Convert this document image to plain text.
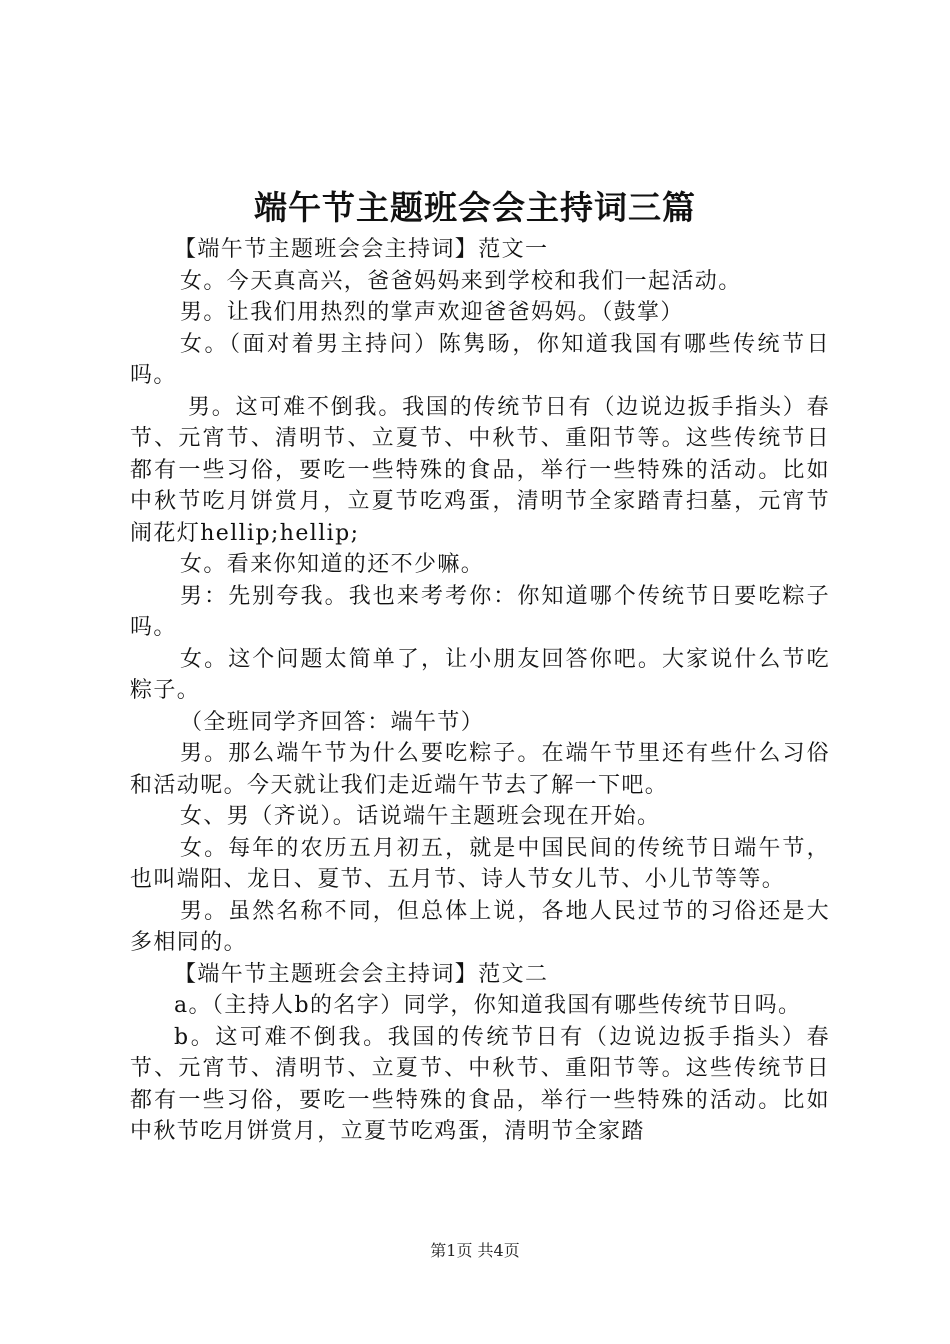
端午节主题班会会主持词三篇

【端午节主题班会会主持词】范文一

女。今天真高兴，爸爸妈妈来到学校和我们一起活动。

男。让我们用热烈的掌声欢迎爸爸妈妈。（鼓掌）

女。（面对着男主持问）陈隽旸，你知道我国有哪些传统节日吗。

男。这可难不倒我。我国的传统节日有（边说边扳手指头）春节、元宵节、清明节、立夏节、中秋节、重阳节等。这些传统节日都有一些习俗，要吃一些特殊的食品，举行一些特殊的活动。比如中秋节吃月饼赏月，立夏节吃鸡蛋，清明节全家踏青扫墓，元宵节闹花灯hellip;hellip;

女。看来你知道的还不少嘛。

男：先别夸我。我也来考考你：你知道哪个传统节日要吃粽子吗。

女。这个问题太简单了，让小朋友回答你吧。大家说什么节吃粽子。

（全班同学齐回答：端午节）

男。那么端午节为什么要吃粽子。在端午节里还有些什么习俗和活动呢。今天就让我们走近端午节去了解一下吧。

女、男（齐说）。话说端午主题班会现在开始。

女。每年的农历五月初五，就是中国民间的传统节日端午节，也叫端阳、龙日、夏节、五月节、诗人节女儿节、小儿节等等。

男。虽然名称不同，但总体上说，各地人民过节的习俗还是大多相同的。

【端午节主题班会会主持词】范文二

a。（主持人b的名字）同学，你知道我国有哪些传统节日吗。

b。这可难不倒我。我国的传统节日有（边说边扳手指头）春节、元宵节、清明节、立夏节、中秋节、重阳节等。这些传统节日都有一些习俗，要吃一些特殊的食品，举行一些特殊的活动。比如中秋节吃月饼赏月，立夏节吃鸡蛋，清明节全家踏

第1页 共4页
